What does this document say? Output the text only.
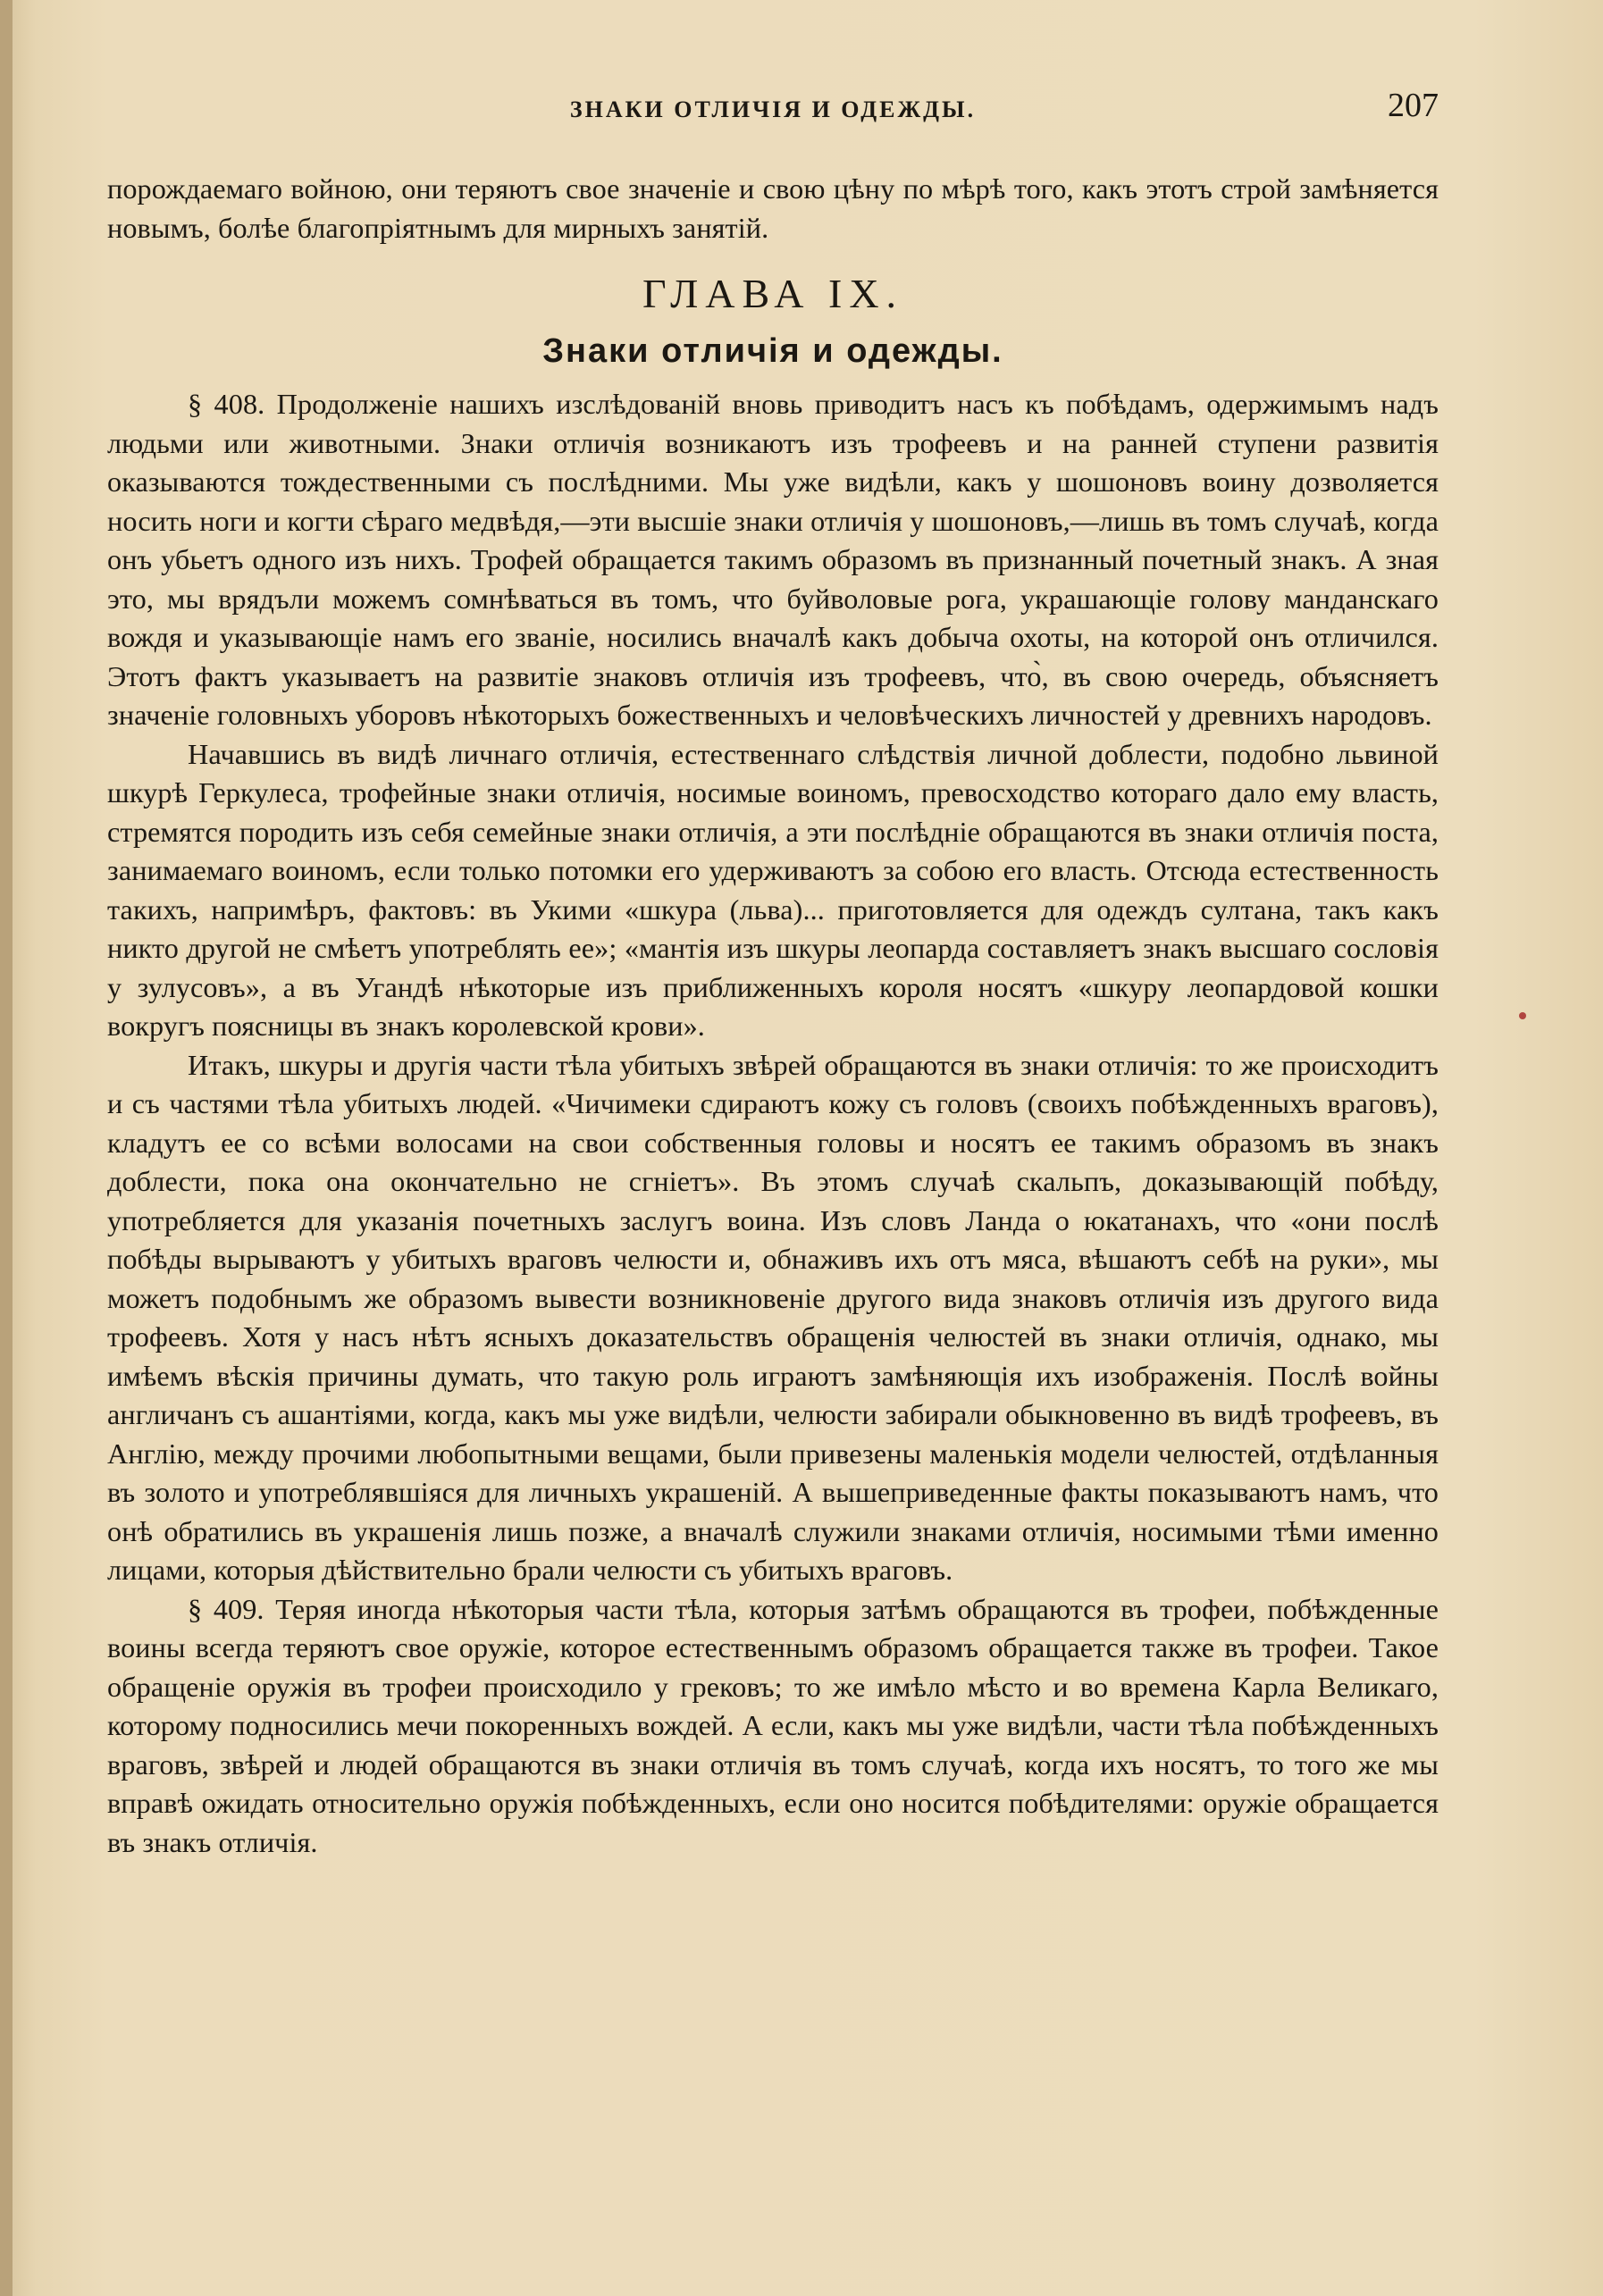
ЗНАКИ ОТЛИЧІЯ И ОДЕЖДЫ.	207

порождаемаго войною, они теряютъ свое значеніе и свою цѣну по мѣрѣ того, какъ этотъ строй замѣняется новымъ, болѣе благопріятнымъ для мирныхъ занятій.

ГЛАВА IX.
Знаки отличія и одежды.

§ 408. Продолженіе нашихъ изслѣдованій вновь приводитъ насъ къ побѣдамъ, одержимымъ надъ людьми или животными. Знаки отличія возникаютъ изъ трофеевъ и на ранней ступени развитія оказываются тождественными съ послѣдними. Мы уже видѣли, какъ у шошоновъ воину дозволяется носить ноги и когти сѣраго медвѣдя,—эти высшіе знаки отличія у шошоновъ,—лишь въ томъ случаѣ, когда онъ убьетъ одного изъ нихъ. Трофей обращается такимъ образомъ въ признанный почетный знакъ. А зная это, мы врядъли можемъ сомнѣваться въ томъ, что буйволовые рога, украшающіе голову манданскаго вождя и указывающіе намъ его званіе, носились вначалѣ какъ добыча охоты, на которой онъ отличился. Этотъ фактъ указываетъ на развитіе знаковъ отличія изъ трофеевъ, что̀, въ свою очередь, объясняетъ значеніе головныхъ уборовъ нѣкоторыхъ божественныхъ и человѣческихъ личностей у древнихъ народовъ.

Начавшись въ видѣ личнаго отличія, естественнаго слѣдствія личной доблести, подобно львиной шкурѣ Геркулеса, трофейные знаки отличія, носимые воиномъ, превосходство котораго дало ему власть, стремятся породить изъ себя семейные знаки отличія, а эти послѣдніе обращаются въ знаки отличія поста, занимаемаго воиномъ, если только потомки его удерживаютъ за собою его власть. Отсюда естественность такихъ, напримѣръ, фактовъ: въ Укими «шкура (льва)... приготовляется для одеждъ султана, такъ какъ никто другой не смѣетъ употреблять ее»; «мантія изъ шкуры леопарда составляетъ знакъ высшаго сословія у зулусовъ», а въ Угандѣ нѣкоторые изъ приближенныхъ короля носятъ «шкуру леопардовой кошки вокругъ поясницы въ знакъ королевской крови».

Итакъ, шкуры и другія части тѣла убитыхъ звѣрей обращаются въ знаки отличія: то же происходитъ и съ частями тѣла убитыхъ людей. «Чичимеки сдираютъ кожу съ головъ (своихъ побѣжденныхъ враговъ), кладутъ ее со всѣми волосами на свои собственныя головы и носятъ ее такимъ образомъ въ знакъ доблести, пока она окончательно не сгніетъ». Въ этомъ случаѣ скальпъ, доказывающій побѣду, употребляется для указанія почетныхъ заслугъ воина. Изъ словъ Ланда о юкатанахъ, что «они послѣ побѣды вырываютъ у убитыхъ враговъ челюсти и, обнаживъ ихъ отъ мяса, вѣшаютъ себѣ на руки», мы можетъ подобнымъ же образомъ вывести возникновеніе другого вида знаковъ отличія изъ другого вида трофеевъ. Хотя у насъ нѣтъ ясныхъ доказательствъ обращенія челюстей въ знаки отличія, однако, мы имѣемъ вѣскія причины думать, что такую роль играютъ замѣняющія ихъ изображенія. Послѣ войны англичанъ съ ашантіями, когда, какъ мы уже видѣли, челюсти забирали обыкновенно въ видѣ трофеевъ, въ Англію, между прочими любопытными вещами, были привезены маленькія модели челюстей, отдѣланныя въ золото и употреблявшіяся для личныхъ украшеній. А вышеприведенные факты показываютъ намъ, что онѣ обратились въ украшенія лишь позже, а вначалѣ служили знаками отличія, носимыми тѣми именно лицами, которыя дѣйствительно брали челюсти съ убитыхъ враговъ.

§ 409. Теряя иногда нѣкоторыя части тѣла, которыя затѣмъ обращаются въ трофеи, побѣжденные воины всегда теряютъ свое оружіе, которое естественнымъ образомъ обращается также въ трофеи. Такое обращеніе оружія въ трофеи происходило у грековъ; то же имѣло мѣсто и во времена Карла Великаго, которому подносились мечи покоренныхъ вождей. А если, какъ мы уже видѣли, части тѣла побѣжденныхъ враговъ, звѣрей и людей обращаются въ знаки отличія въ томъ случаѣ, когда ихъ носятъ, то того же мы вправѣ ожидать относительно оружія побѣжденныхъ, если оно носится побѣдителями: оружіе обращается въ знакъ отличія.
